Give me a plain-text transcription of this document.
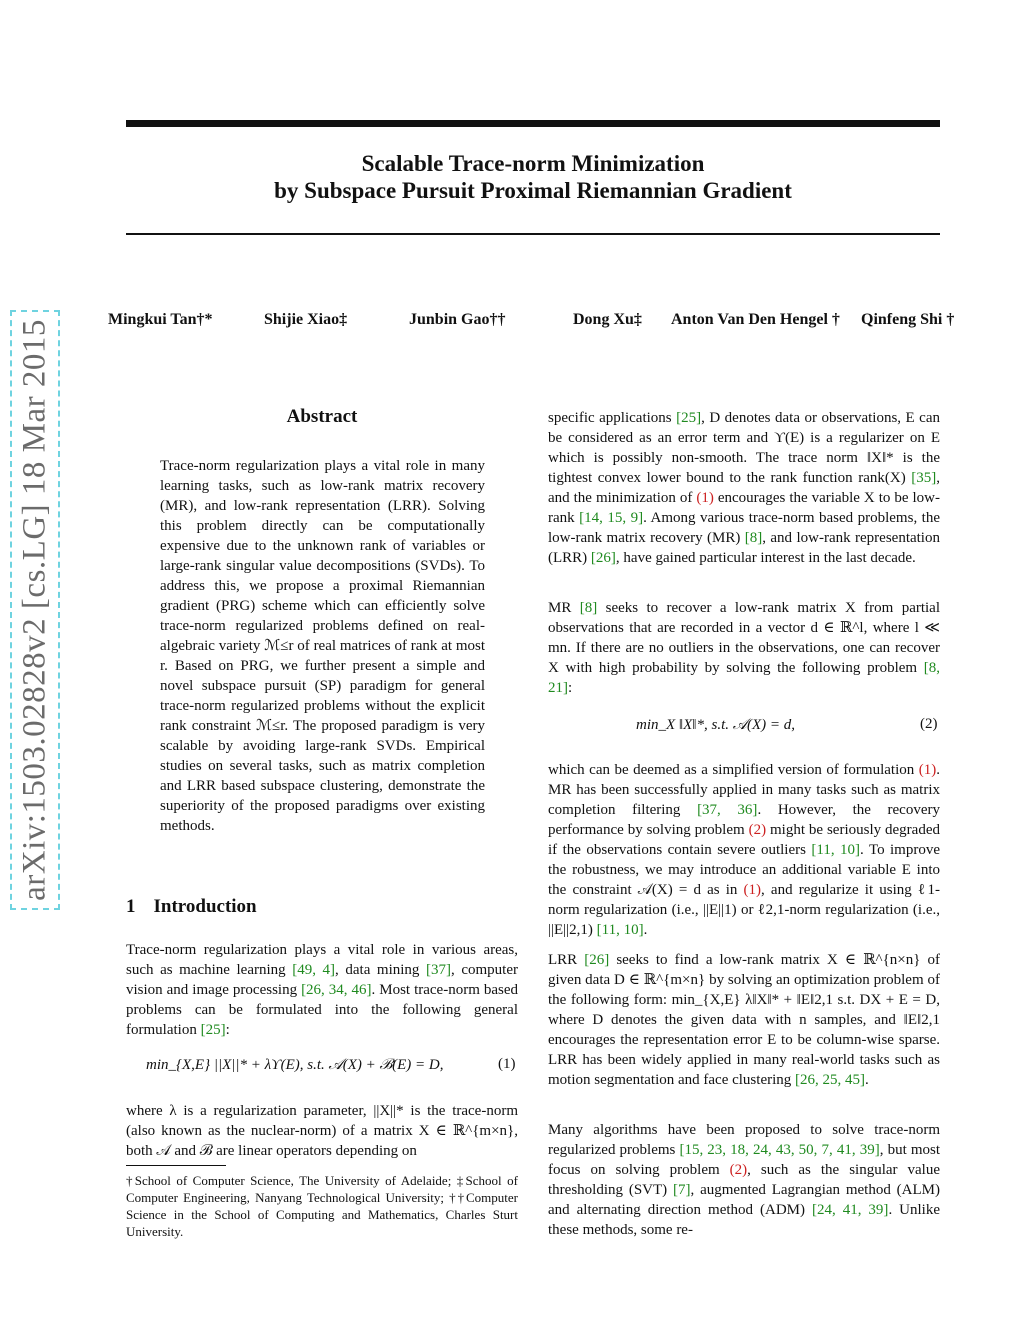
Scalable Trace-norm Minimization
by Subspace Pursuit Proximal Riemannian Gradient
arXiv:1503.02828v2 [cs.LG] 18 Mar 2015	Mingkui Tan†*	Shijie Xiao‡	Junbin Gao††	Dong Xu‡ Anton Van Den Hengel † Qinfeng Shi †
Abstract
Trace-norm regularization plays a vital role in many learning tasks, such as low-rank matrix recovery (MR), and low-rank representation (LRR). Solving this problem directly can be computationally expensive due to the unknown rank of variables or large-rank singular value decompositions (SVDs). To address this, we propose a proximal Riemannian gradient (PRG) scheme which can efficiently solve trace-norm regularized problems defined on real-algebraic variety ℳ≤r of real matrices of rank at most r. Based on PRG, we further present a simple and novel subspace pursuit (SP) paradigm for general trace-norm regularized problems without the explicit rank constraint ℳ≤r. The proposed paradigm is very scalable by avoiding large-rank SVDs. Empirical studies on several tasks, such as matrix completion and LRR based subspace clustering, demonstrate the superiority of the proposed paradigms over existing methods.
1 Introduction
Trace-norm regularization plays a vital role in various areas, such as machine learning [49, 4], data mining [37], computer vision and image processing [26, 34, 46]. Most trace-norm based problems can be formulated into the following general formulation [25]:
min_{X,E} ||X||* + λϒ(E), s.t. 𝒜(X) + ℬ(E) = D,	(1)
where λ is a regularization parameter, ||X||* is the trace-norm (also known as the nuclear-norm) of a matrix X ∈ ℝ^{m×n}, both 𝒜 and ℬ are linear operators depending on
†School of Computer Science, The University of Adelaide; ‡School of Computer Engineering, Nanyang Technological University; ††Computer Science in the School of Computing and Mathematics, Charles Sturt University.
specific applications [25], D denotes data or observations, E can be considered as an error term and ϒ(E) is a regularizer on E which is possibly non-smooth. The trace norm ‖X‖* is the tightest convex lower bound to the rank function rank(X) [35], and the minimization of (1) encourages the variable X to be low-rank [14, 15, 9]. Among various trace-norm based problems, the low-rank matrix recovery (MR) [8], and low-rank representation (LRR) [26], have gained particular interest in the last decade.
MR [8] seeks to recover a low-rank matrix X from partial observations that are recorded in a vector d ∈ ℝ^l, where l ≪ mn. If there are no outliers in the observations, one can recover X with high probability by solving the following problem [8, 21]:
min_X ‖X‖*, s.t. 𝒜(X) = d,	(2)
which can be deemed as a simplified version of formulation (1). MR has been successfully applied in many tasks such as matrix completion filtering [37, 36]. However, the recovery performance by solving problem (2) might be seriously degraded if the observations contain severe outliers [11, 10]. To improve the robustness, we may introduce an additional variable E into the constraint 𝒜(X) = d as in (1), and regularize it using ℓ1-norm regularization (i.e., ||E||1) or ℓ2,1-norm regularization (i.e., ||E||2,1) [11, 10].
LRR [26] seeks to find a low-rank matrix X ∈ ℝ^{n×n} of given data D ∈ ℝ^{m×n} by solving an optimization problem of the following form: min_{X,E} λ‖X‖* + ‖E‖2,1 s.t. DX + E = D, where D denotes the given data with n samples, and ‖E‖2,1 encourages the representation error E to be column-wise sparse. LRR has been widely applied in many real-world tasks such as motion segmentation and face clustering [26, 25, 45].
Many algorithms have been proposed to solve trace-norm regularized problems [15, 23, 18, 24, 43, 50, 7, 41, 39], but most focus on solving problem (2), such as the singular value thresholding (SVT) [7], augmented Lagrangian method (ALM) and alternating direction method (ADM) [24, 41, 39]. Unlike these methods, some re-
